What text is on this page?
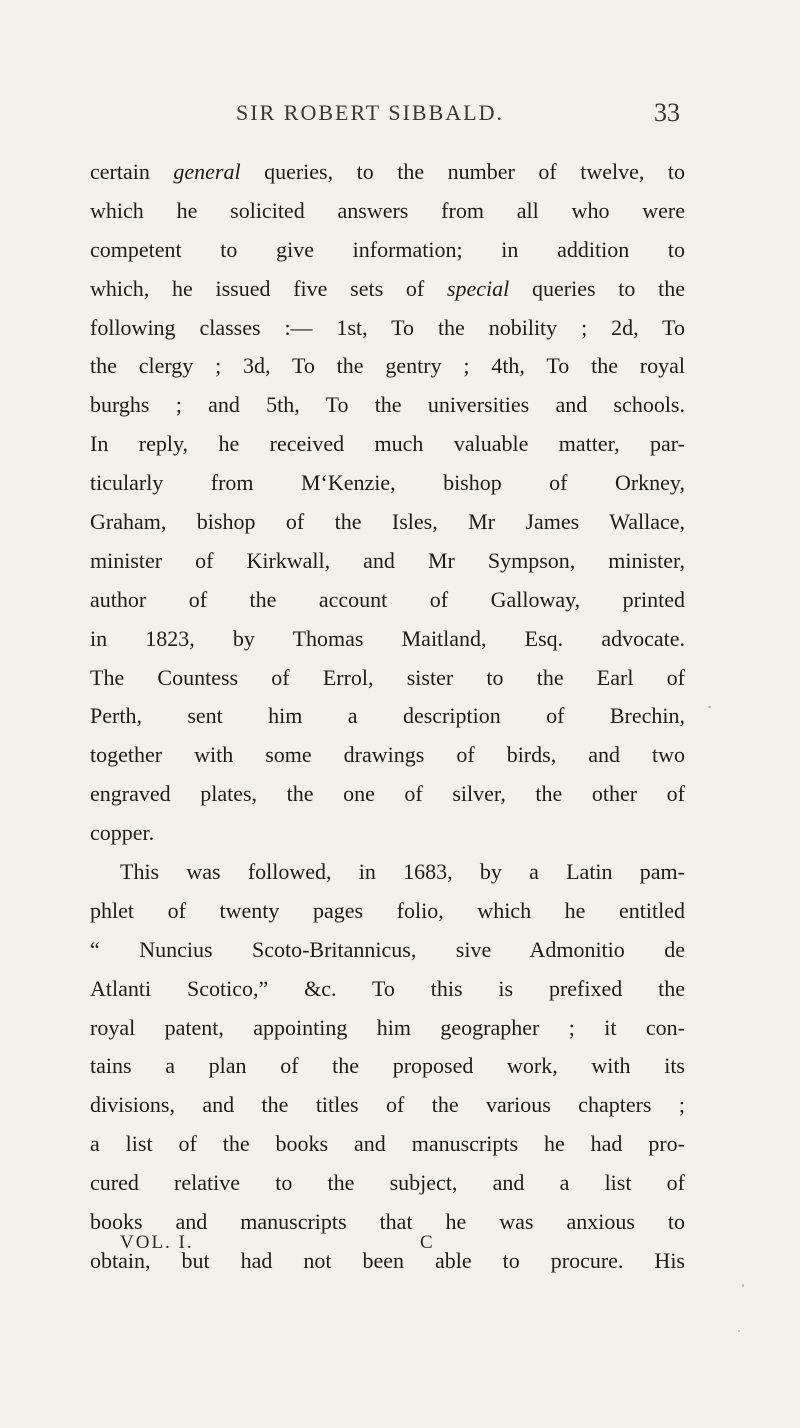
SIR ROBERT SIBBALD.	33
certain general queries, to the number of twelve, to
which he solicited answers from all who were
competent to give information; in addition to
which, he issued five sets of special queries to the
following classes :— 1st, To the nobility ; 2d, To
the clergy ; 3d, To the gentry ; 4th, To the royal
burghs ; and 5th, To the universities and schools.
In reply, he received much valuable matter, par-
ticularly from M‘Kenzie, bishop of Orkney,
Graham, bishop of the Isles, Mr James Wallace,
minister of Kirkwall, and Mr Sympson, minister,
author of the account of Galloway, printed
in 1823, by Thomas Maitland, Esq. advocate.
The Countess of Errol, sister to the Earl of
Perth, sent him a description of Brechin,
together with some drawings of birds, and two
engraved plates, the one of silver, the other of
copper.
This was followed, in 1683, by a Latin pam-
phlet of twenty pages folio, which he entitled
“ Nuncius Scoto-Britannicus, sive Admonitio de
Atlanti Scotico,” &c. To this is prefixed the
royal patent, appointing him geographer ; it con-
tains a plan of the proposed work, with its
divisions, and the titles of the various chapters ;
a list of the books and manuscripts he had pro-
cured relative to the subject, and a list of
books and manuscripts that he was anxious to
obtain, but had not been able to procure. His
VOL. I.	C
